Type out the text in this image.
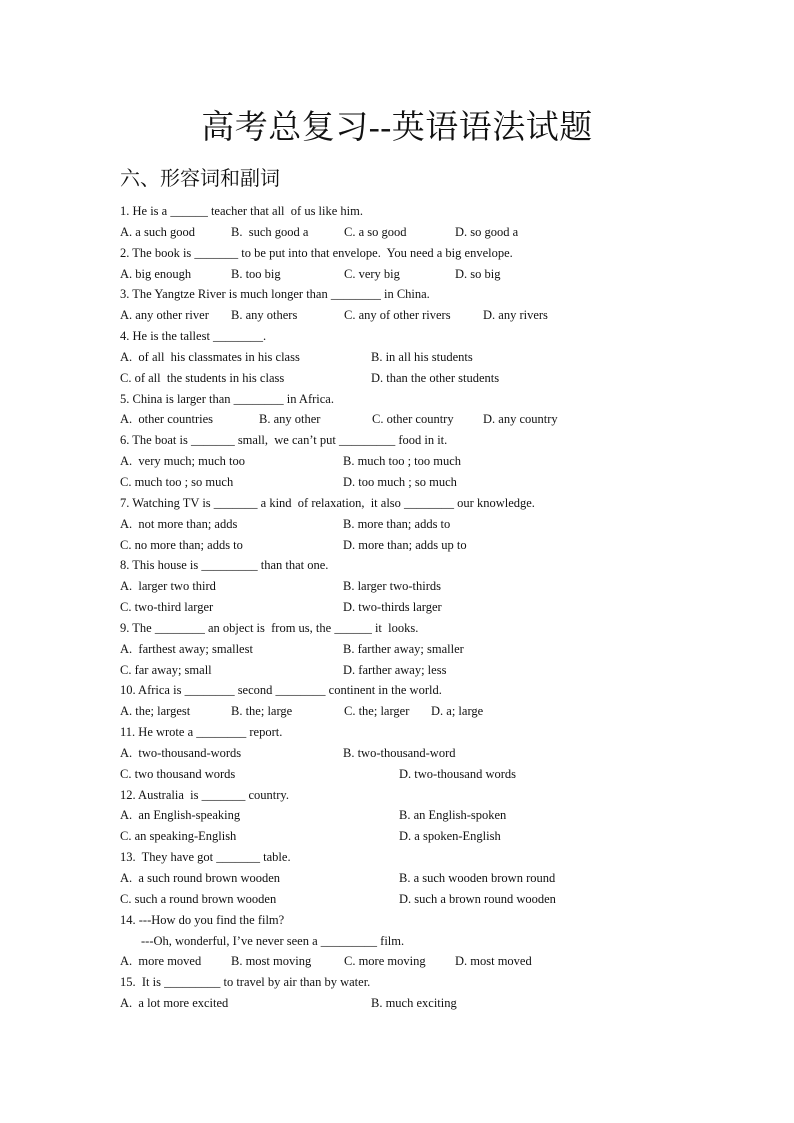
高考总复习--英语语法试题
六、形容词和副词
1. He is a ______ teacher that all  of us like him.

A. a such good

	B.  such good a

	C. a so good

	D. so good a

2. The book is _______ to be put into that envelope.  You need a big envelope.

A. big enough

	B. too big

	C. very big

	D. so big

3. The Yangtze River is much longer than ________ in China.

A. any other river

B. any others

	C. any of other rivers

	D. any rivers

4. He is the tallest ________.

A.  of all  his classmates in his class

	B. in all his students

C. of all  the students in his class

	D. than the other students

5. China is larger than ________ in Africa.

A.  other countries

	B. any other

	C. other country

D. any country

6. The boat is _______ small,  we can’t put _________ food in it.

A.  very much; much too

	B. much too ; too much

C. much too ; so much

	D. too much ; so much

7. Watching TV is _______ a kind  of relaxation,  it also ________ our knowledge.

A.  not more than; adds

	B. more than; adds to

C. no more than; adds to

	D. more than; adds up to

8. This house is _________ than that one.

A.  larger two third

	B. larger two-thirds

C. two-third larger

	D. two-thirds larger

9. The ________ an object is  from us, the ______ it  looks.

A.  farthest away; smallest

	B. farther away; smaller

C. far away; small

	D. farther away; less

10. Africa is ________ second ________ continent in the world.

A. the; largest

	B. the; large

	C. the; larger

D. a; large

11. He wrote a ________ report.

A.  two-thousand-words

	B. two-thousand-word

C. two thousand words

	D. two-thousand words

12. Australia  is _______ country.

A.  an English-speaking

	B. an English-spoken

C. an speaking-English

	D. a spoken-English

13.  They have got _______ table.

A.  a such round brown wooden

	B. a such wooden brown round

C. such a round brown wooden

	D. such a brown round wooden

14. ---How do you find the film?
---Oh, wonderful, I’ve never seen a _________ film.

A.  more moved

B. most moving

	C. more moving

D. most moved

15.  It is _________ to travel by air than by water.

A.  a lot more excited

	B. much exciting
